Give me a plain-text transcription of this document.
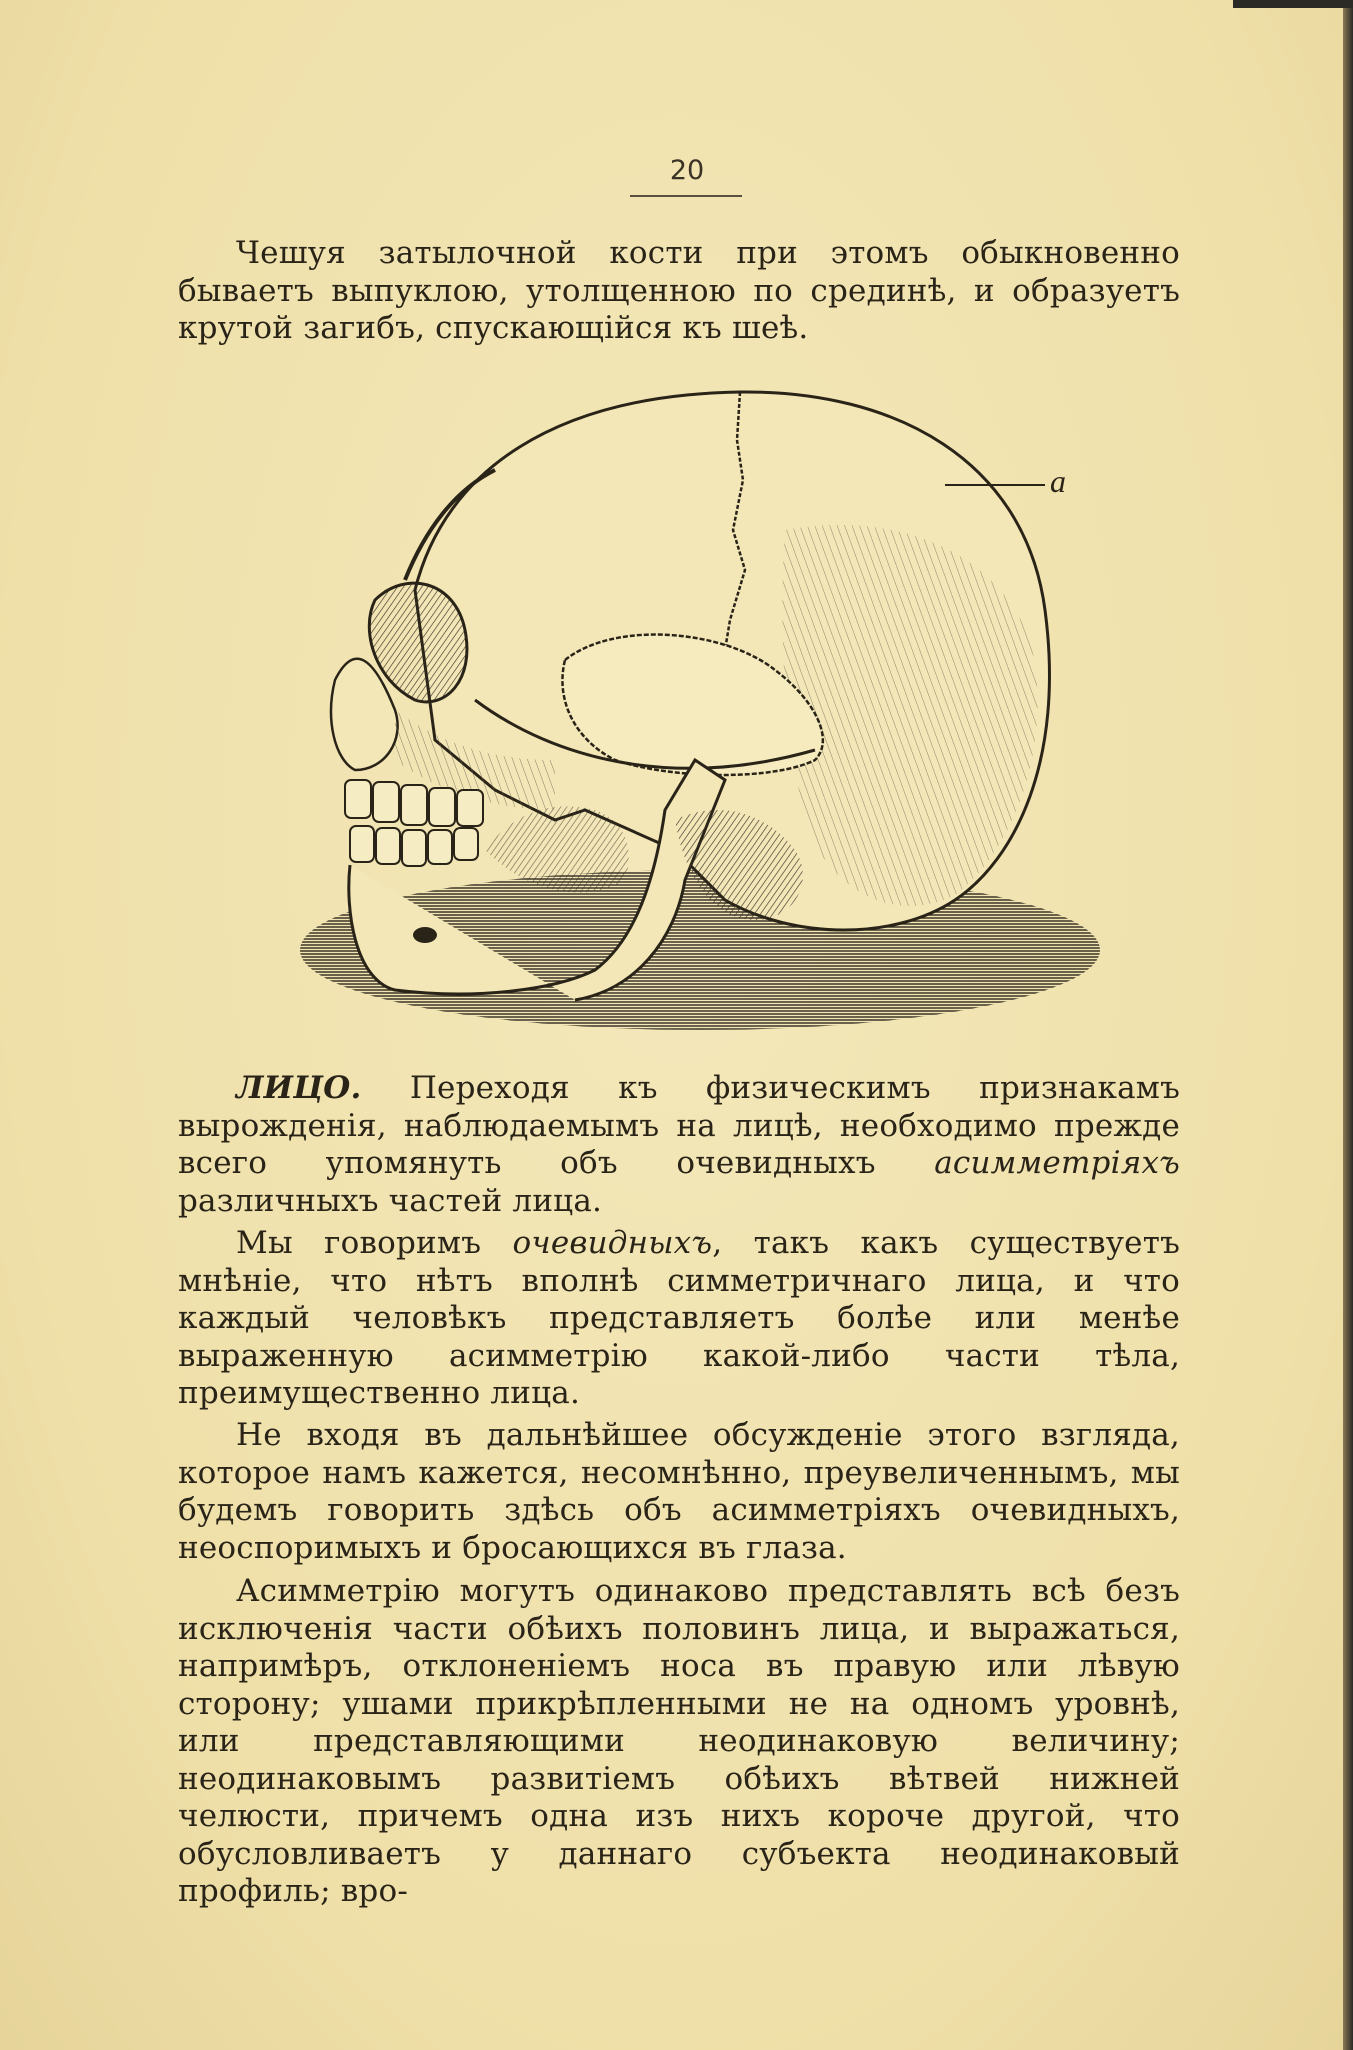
20

Чешуя затылочной кости при этомъ обыкновенно бываетъ выпуклою, утолщенною по срединѣ, и образуетъ крутой загибъ, спускающійся къ шеѣ.

a

ЛИЦО. Переходя къ физическимъ признакамъ вырожденія, наблюдаемымъ на лицѣ, необходимо прежде всего упомянуть объ очевидныхъ асимметріяхъ различныхъ частей лица.

Мы говоримъ очевидныхъ, такъ какъ существуетъ мнѣніе, что нѣтъ вполнѣ симметричнаго лица, и что каждый человѣкъ представляетъ болѣе или менѣе выраженную асимметрію какой-либо части тѣла, преимущественно лица.

Не входя въ дальнѣйшее обсужденіе этого взгляда, которое намъ кажется, несомнѣнно, преувеличеннымъ, мы будемъ говорить здѣсь объ асимметріяхъ очевидныхъ, неоспоримыхъ и бросающихся въ глаза.

Асимметрію могутъ одинаково представлять всѣ безъ исключенія части обѣихъ половинъ лица, и выражаться, напримѣръ, отклоненіемъ носа въ правую или лѣвую сторону; ушами прикрѣпленными не на одномъ уровнѣ, или представляющими неодинаковую величину; неодинаковымъ развитіемъ обѣихъ вѣтвей нижней челюсти, причемъ одна изъ нихъ короче другой, что обусловливаетъ у даннаго субъекта неодинаковый профиль; вро-
